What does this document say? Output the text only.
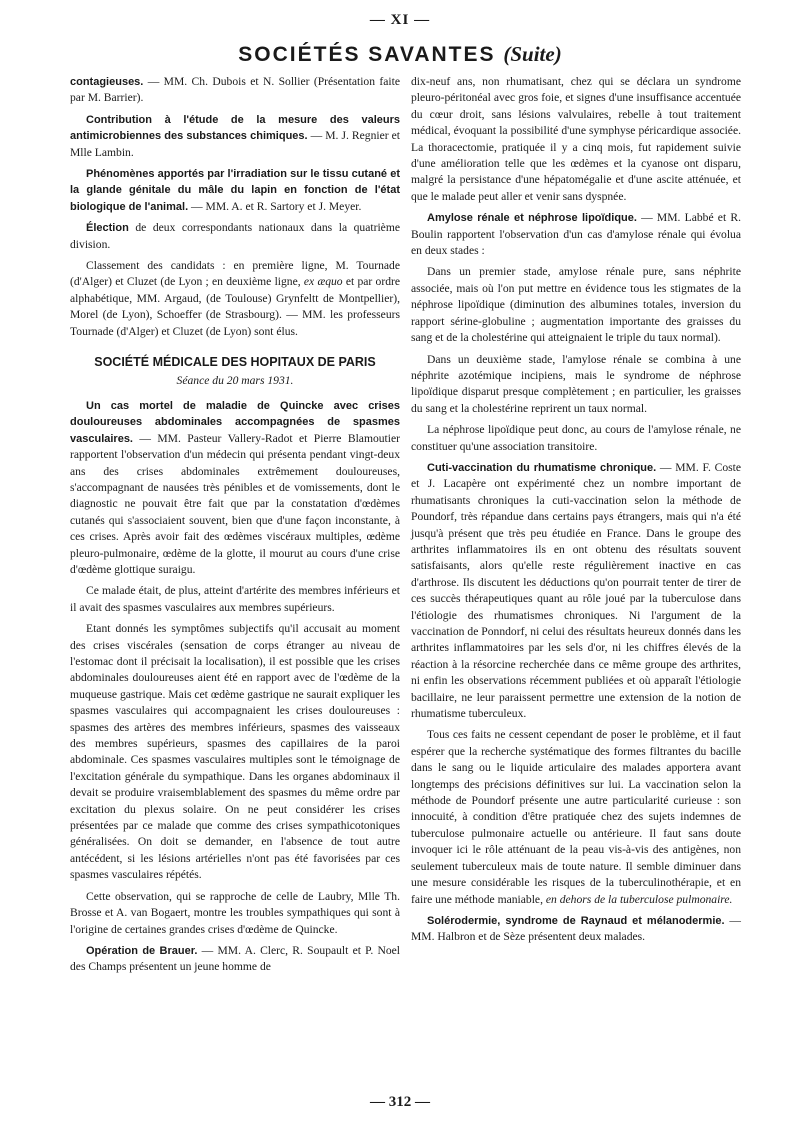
— XI —
SOCIÉTÉS SAVANTES (Suite)

contagieuses. — MM. Ch. Dubois et N. Sollier (Présentation faite par M. Barrier).

Contribution à l'étude de la mesure des valeurs antimicrobiennes des substances chimiques. — M. J. Regnier et Mlle Lambin.

Phénomènes apportés par l'irradiation sur le tissu cutané et la glande génitale du mâle du lapin en fonction de l'état biologique de l'animal. — MM. A. et R. Sartory et J. Meyer.

Élection de deux correspondants nationaux dans la quatrième division.

Classement des candidats : en première ligne, M. Tournade (d'Alger) et Cluzet (de Lyon ; en deuxième ligne, ex æquo et par ordre alphabétique, MM. Argaud, (de Toulouse) Grynfeltt de Montpellier), Morel (de Lyon), Schoeffer (de Strasbourg). — MM. les professeurs Tournade (d'Alger) et Cluzet (de Lyon) sont élus.

SOCIÉTÉ MÉDICALE DES HOPITAUX DE PARIS
Séance du 20 mars 1931.

Un cas mortel de maladie de Quincke avec crises douloureuses abdominales accompagnées de spasmes vasculaires. — MM. Pasteur Vallery-Radot et Pierre Blamoutier rapportent l'observation d'un médecin qui présenta pendant vingt-deux ans des crises abdominales extrêmement douloureuses, s'accompagnant de nausées très pénibles et de vomissements, dont le diagnostic ne pouvait être fait que par la constatation d'œdèmes cutanés qui s'associaient souvent, bien que d'une façon inconstante, à ces crises. Après avoir fait des œdèmes viscéraux multiples, œdème pleuro-pulmonaire, œdème de la glotte, il mourut au cours d'une crise d'œdème glottique suraigu.

Ce malade était, de plus, atteint d'artérite des membres inférieurs et il avait des spasmes vasculaires aux membres supérieurs.

Etant donnés les symptômes subjectifs qu'il accusait au moment des crises viscérales (sensation de corps étranger au niveau de l'estomac dont il précisait la localisation), il est possible que les crises abdominales douloureuses aient été en rapport avec de l'œdème de la muqueuse gastrique. Mais cet œdème gastrique ne saurait expliquer les spasmes vasculaires qui accompagnaient les crises douloureuses : spasmes des artères des membres inférieurs, spasmes des vaisseaux des membres supérieurs, spasmes des capillaires de la paroi abdominale. Ces spasmes vasculaires multiples sont le témoignage de l'excitation générale du sympathique. Dans les organes abdominaux il devait se produire vraisemblablement des spasmes du même ordre par excitation du plexus solaire. On ne peut considérer les crises présentées par ce malade que comme des crises sympathicotoniques généralisées. On doit se demander, en l'absence de tout autre antécédent, si les lésions artérielles n'ont pas été favorisées par ces spasmes vasculaires répétés.

Cette observation, qui se rapproche de celle de Laubry, Mlle Th. Brosse et A. van Bogaert, montre les troubles sympathiques qui sont à l'origine de certaines grandes crises d'œdème de Quincke.

Opération de Brauer. — MM. A. Clerc, R. Soupault et P. Noel des Champs présentent un jeune homme de

dix-neuf ans, non rhumatisant, chez qui se déclara un syndrome pleuro-péritonéal avec gros foie, et signes d'une insuffisance accentuée du cœur droit, sans lésions valvulaires, rebelle à tout traitement médical, évoquant la possibilité d'une symphyse péricardique associée. La thoracectomie, pratiquée il y a cinq mois, fut rapidement suivie d'une amélioration telle que les œdèmes et la cyanose ont disparu, malgré la persistance d'une hépatomégalie et d'une ascite atténuée, et que le malade peut aller et venir sans dyspnée.

Amylose rénale et néphrose lipoïdique. — MM. Labbé et R. Boulin rapportent l'observation d'un cas d'amylose rénale qui évolua en deux stades :

Dans un premier stade, amylose rénale pure, sans néphrite associée, mais où l'on put mettre en évidence tous les stigmates de la néphrose lipoïdique (diminution des albumines totales, inversion du rapport sérine-globuline ; augmentation importante des graisses du sang et de la cholestérine qui atteignaient le triple du taux normal).

Dans un deuxième stade, l'amylose rénale se combina à une néphrite azotémique incipiens, mais le syndrome de néphrose lipoïdique disparut presque complètement ; en particulier, les graisses du sang et la cholestérine reprirent un taux normal.

La néphrose lipoïdique peut donc, au cours de l'amylose rénale, ne constituer qu'une association transitoire.

Cuti-vaccination du rhumatisme chronique. — MM. F. Coste et J. Lacapère ont expérimenté chez un nombre important de rhumatisants chroniques la cuti-vaccination selon la méthode de Poundorf, très répandue dans certains pays étrangers, mais qui n'a été jusqu'à présent que très peu étudiée en France. Dans le groupe des arthrites inflammatoires ils en ont obtenu des résultats souvent satisfaisants, alors qu'elle reste régulièrement inactive en cas d'arthrose. Ils discutent les déductions qu'on pourrait tenter de tirer de ces succès thérapeutiques quant au rôle joué par la tuberculose dans l'étiologie des rhumatismes chroniques. Ni l'argument de la vaccination de Ponndorf, ni celui des résultats heureux donnés dans les arthrites inflammatoires par les sels d'or, ni les chiffres élevés de la réaction à la résorcine recherchée dans ce même groupe des arthrites, ni enfin les observations récemment publiées et où apparaît l'étiologie bacillaire, ne leur paraissent permettre une extension de la notion de rhumatisme tuberculeux.

Tous ces faits ne cessent cependant de poser le problème, et il faut espérer que la recherche systématique des formes filtrantes du bacille dans le sang ou le liquide articulaire des malades apportera avant longtemps des précisions définitives sur lui. La vaccination selon la méthode de Poundorf présente une autre particularité curieuse : son innocuité, à condition d'être pratiquée chez des sujets indemnes de tuberculose pulmonaire actuelle ou antérieure. Il faut sans doute invoquer ici le rôle atténuant de la peau vis-à-vis des antigènes, non seulement tuberculeux mais de toute nature. Il semble diminuer dans une mesure considérable les risques de la tuberculinothérapie, et en faire une méthode maniable, en dehors de la tuberculose pulmonaire.

Solérodermie, syndrome de Raynaud et mélanodermie. — MM. Halbron et de Sèze présentent deux malades.

— 312 —
